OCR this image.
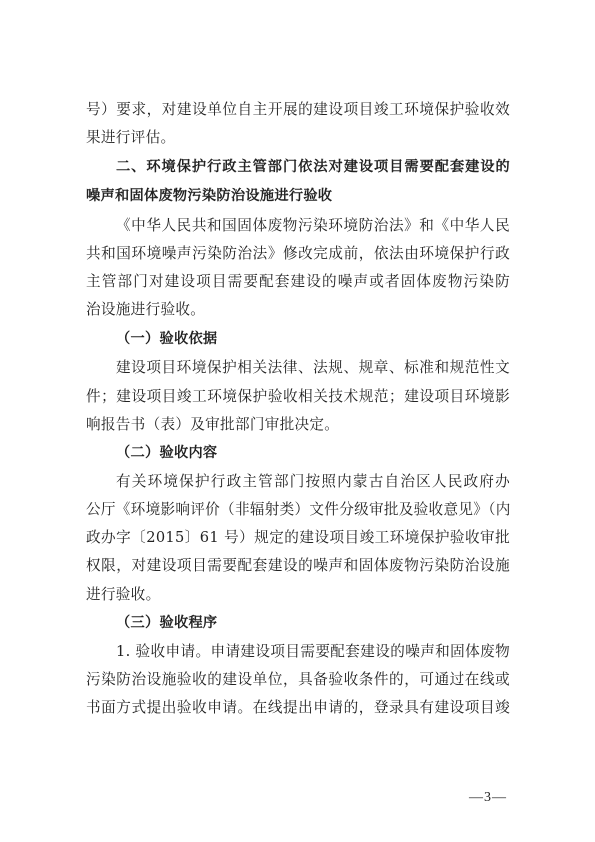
号）要求，对建设单位自主开展的建设项目竣工环境保护验收效
果进行评估。
二、环境保护行政主管部门依法对建设项目需要配套建设的
噪声和固体废物污染防治设施进行验收
《中华人民共和国固体废物污染环境防治法》和《中华人民
共和国环境噪声污染防治法》修改完成前，依法由环境保护行政
主管部门对建设项目需要配套建设的噪声或者固体废物污染防
治设施进行验收。
（一）验收依据
建设项目环境保护相关法律、法规、规章、标准和规范性文
件；建设项目竣工环境保护验收相关技术规范；建设项目环境影
响报告书（表）及审批部门审批决定。
（二）验收内容
有关环境保护行政主管部门按照内蒙古自治区人民政府办
公厅《环境影响评价（非辐射类）文件分级审批及验收意见》（内
政办字〔2015〕61 号）规定的建设项目竣工环境保护验收审批
权限，对建设项目需要配套建设的噪声和固体废物污染防治设施
进行验收。
（三）验收程序
1. 验收申请。申请建设项目需要配套建设的噪声和固体废物
污染防治设施验收的建设单位，具备验收条件的，可通过在线或
书面方式提出验收申请。在线提出申请的，登录具有建设项目竣
—3—
